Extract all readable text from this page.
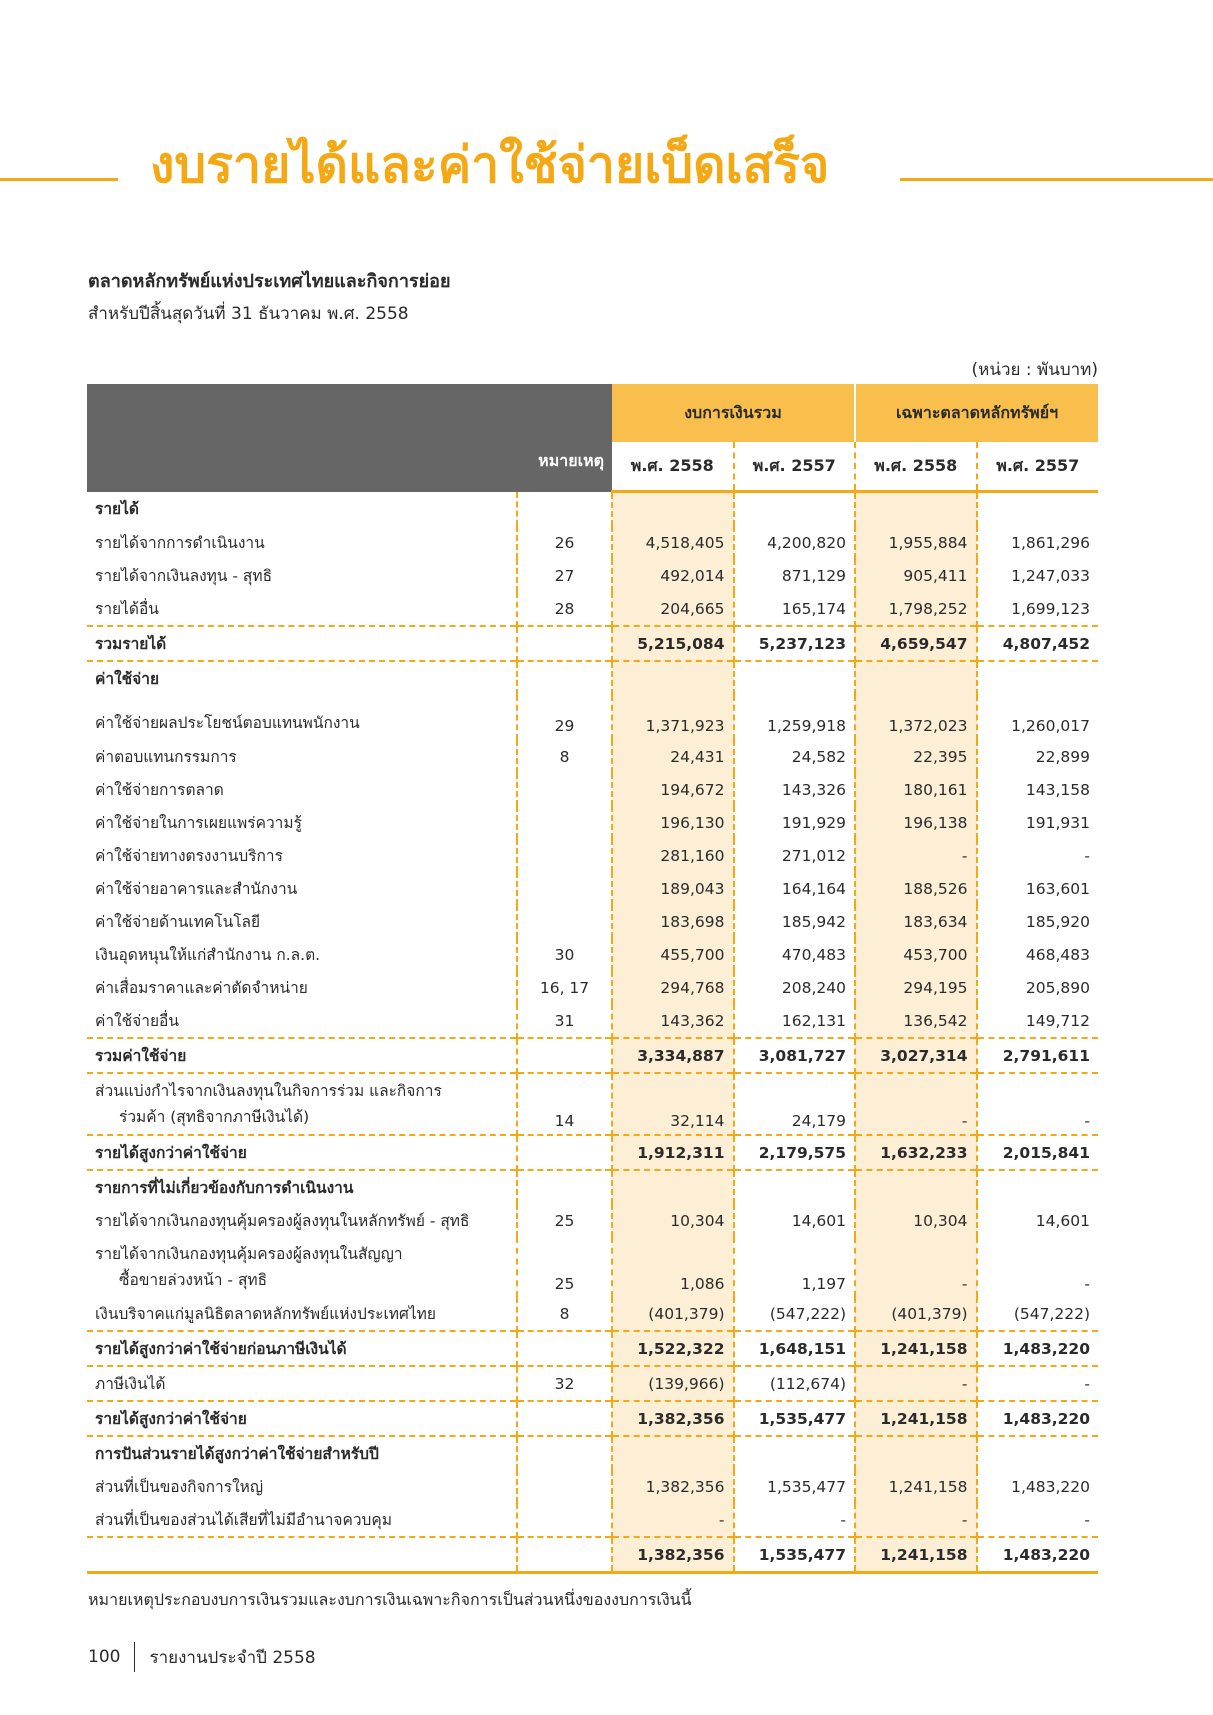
งบรายได้และค่าใช้จ่ายเบ็ดเสร็จ
ตลาดหลักทรัพย์แห่งประเทศไทยและกิจการย่อย
สำหรับปีสิ้นสุดวันที่ 31 ธันวาคม พ.ศ. 2558
(หน่วย : พันบาท)
	หมายเหตุ	งบการเงินรวม		เฉพาะตลาดหลักทรัพย์ฯ	
		พ.ศ. 2558	พ.ศ. 2557	พ.ศ. 2558	พ.ศ. 2557
รายได้					
รายได้จากการดำเนินงาน	26	4,518,405	4,200,820	1,955,884	1,861,296
รายได้จากเงินลงทุน - สุทธิ	27	492,014	871,129	905,411	1,247,033
รายได้อื่น	28	204,665	165,174	1,798,252	1,699,123
รวมรายได้		5,215,084	5,237,123	4,659,547	4,807,452
ค่าใช้จ่าย					
ค่าใช้จ่ายผลประโยชน์ตอบแทนพนักงาน	29	1,371,923	1,259,918	1,372,023	1,260,017
ค่าตอบแทนกรรมการ	8	24,431	24,582	22,395	22,899
ค่าใช้จ่ายการตลาด		194,672	143,326	180,161	143,158
ค่าใช้จ่ายในการเผยแพร่ความรู้		196,130	191,929	196,138	191,931
ค่าใช้จ่ายทางตรงงานบริการ		281,160	271,012	-	-
ค่าใช้จ่ายอาคารและสำนักงาน		189,043	164,164	188,526	163,601
ค่าใช้จ่ายด้านเทคโนโลยี		183,698	185,942	183,634	185,920
เงินอุดหนุนให้แก่สำนักงาน ก.ล.ต.	30	455,700	470,483	453,700	468,483
ค่าเสื่อมราคาและค่าตัดจำหน่าย	16, 17	294,768	208,240	294,195	205,890
ค่าใช้จ่ายอื่น	31	143,362	162,131	136,542	149,712
รวมค่าใช้จ่าย		3,334,887	3,081,727	3,027,314	2,791,611
ส่วนแบ่งกำไรจากเงินลงทุนในกิจการร่วม และกิจการ
ร่วมค้า (สุทธิจากภาษีเงินได้)	14	32,114	24,179	-	-
รายได้สูงกว่าค่าใช้จ่าย		1,912,311	2,179,575	1,632,233	2,015,841
รายการที่ไม่เกี่ยวข้องกับการดำเนินงาน					
รายได้จากเงินกองทุนคุ้มครองผู้ลงทุนในหลักทรัพย์ - สุทธิ	25	10,304	14,601	10,304	14,601
รายได้จากเงินกองทุนคุ้มครองผู้ลงทุนในสัญญา
ซื้อขายล่วงหน้า - สุทธิ	25	1,086	1,197	-	-
เงินบริจาคแก่มูลนิธิตลาดหลักทรัพย์แห่งประเทศไทย	8	(401,379)	(547,222)	(401,379)	(547,222)
รายได้สูงกว่าค่าใช้จ่ายก่อนภาษีเงินได้		1,522,322	1,648,151	1,241,158	1,483,220
ภาษีเงินได้	32	(139,966)	(112,674)	-	-
รายได้สูงกว่าค่าใช้จ่าย		1,382,356	1,535,477	1,241,158	1,483,220
การปันส่วนรายได้สูงกว่าค่าใช้จ่ายสำหรับปี					
ส่วนที่เป็นของกิจการใหญ่		1,382,356	1,535,477	1,241,158	1,483,220
ส่วนที่เป็นของส่วนได้เสียที่ไม่มีอำนาจควบคุม		-	-	-	-
		1,382,356	1,535,477	1,241,158	1,483,220
หมายเหตุประกอบงบการเงินรวมและงบการเงินเฉพาะกิจการเป็นส่วนหนึ่งของงบการเงินนี้
100 รายงานประจำปี 2558
